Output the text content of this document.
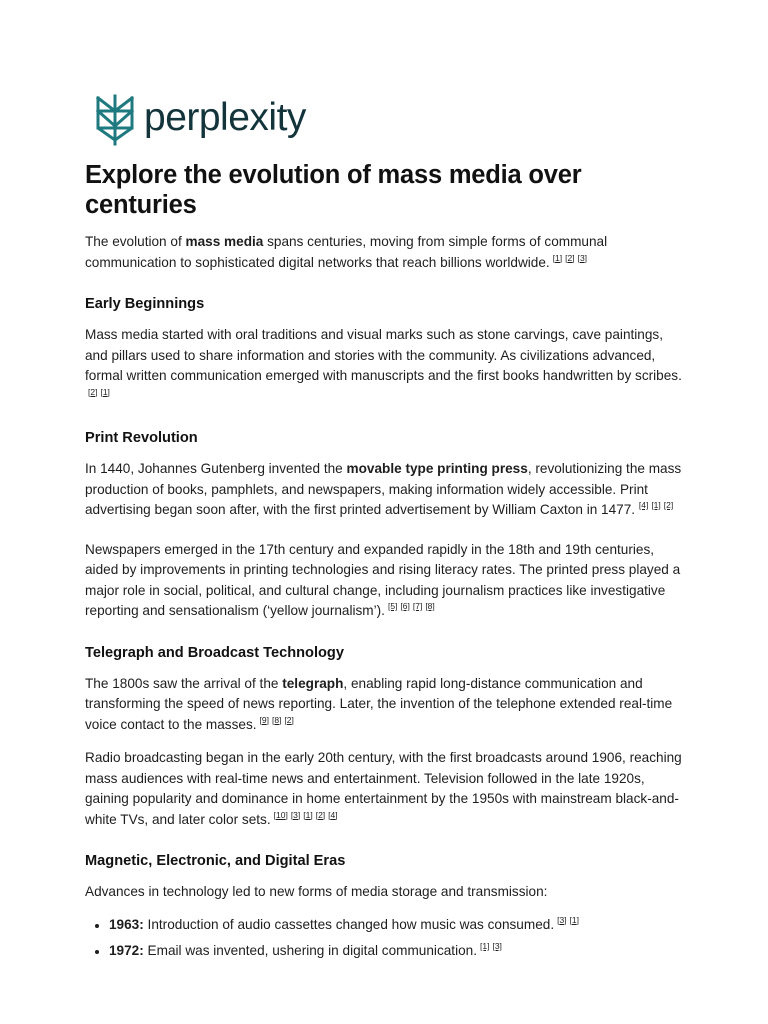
perplexity
Explore the evolution of mass media over centuries

The evolution of mass media spans centuries, moving from simple forms of communal communication to sophisticated digital networks that reach billions worldwide. [1] [2] [3]

Early Beginnings

Mass media started with oral traditions and visual marks such as stone carvings, cave paintings, and pillars used to share information and stories with the community. As civilizations advanced, formal written communication emerged with manuscripts and the first books handwritten by scribes.[2] [1]

Print Revolution

In 1440, Johannes Gutenberg invented the movable type printing press, revolutionizing the mass production of books, pamphlets, and newspapers, making information widely accessible. Print advertising began soon after, with the first printed advertisement by William Caxton in 1477. [4] [1] [2]

Newspapers emerged in the 17th century and expanded rapidly in the 18th and 19th centuries, aided by improvements in printing technologies and rising literacy rates. The printed press played a major role in social, political, and cultural change, including journalism practices like investigative reporting and sensationalism (‘yellow journalism’). [5] [6] [7] [8]

Telegraph and Broadcast Technology

The 1800s saw the arrival of the telegraph, enabling rapid long-distance communication and transforming the speed of news reporting. Later, the invention of the telephone extended real-time voice contact to the masses. [9] [8] [2]

Radio broadcasting began in the early 20th century, with the first broadcasts around 1906, reaching mass audiences with real-time news and entertainment. Television followed in the late 1920s, gaining popularity and dominance in home entertainment by the 1950s with mainstream black-and-white TVs, and later color sets. [10] [3] [1] [2] [4]

Magnetic, Electronic, and Digital Eras

Advances in technology led to new forms of media storage and transmission:

• 1963: Introduction of audio cassettes changed how music was consumed. [3] [1]
• 1972: Email was invented, ushering in digital communication. [1] [3]
